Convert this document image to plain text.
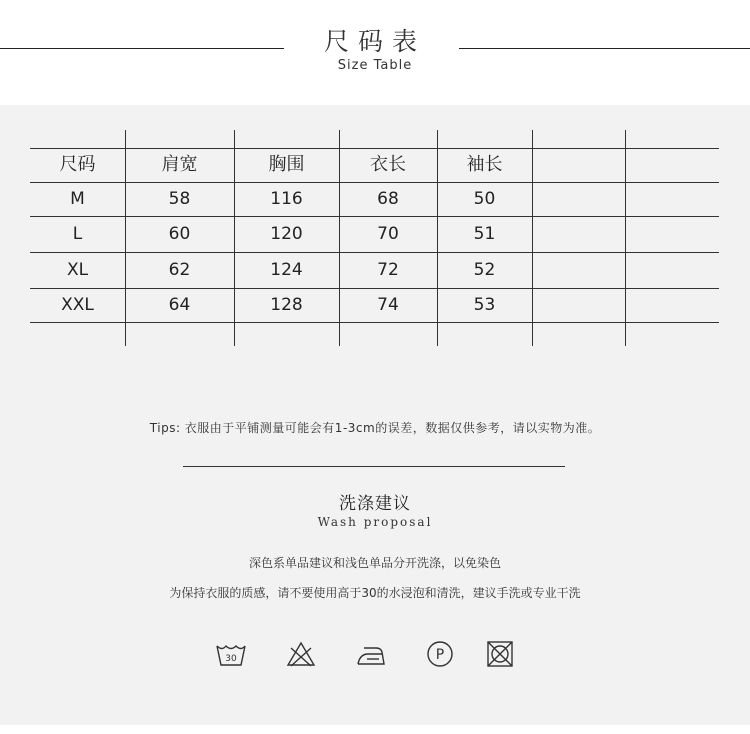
尺码表
Size Table
尺码	肩宽	胸围	衣长	袖长
M	58	116	68	50
L	60	120	70	51
XL	62	124	72	52
XXL	64	128	74	53
Tips: 衣服由于平铺测量可能会有1-3cm的误差，数据仅供参考，请以实物为准。
洗涤建议
Wash proposal
深色系单品建议和浅色单品分开洗涤，以免染色
为保持衣服的质感，请不要使用高于30的水浸泡和清洗，建议手洗或专业干洗
30	P
